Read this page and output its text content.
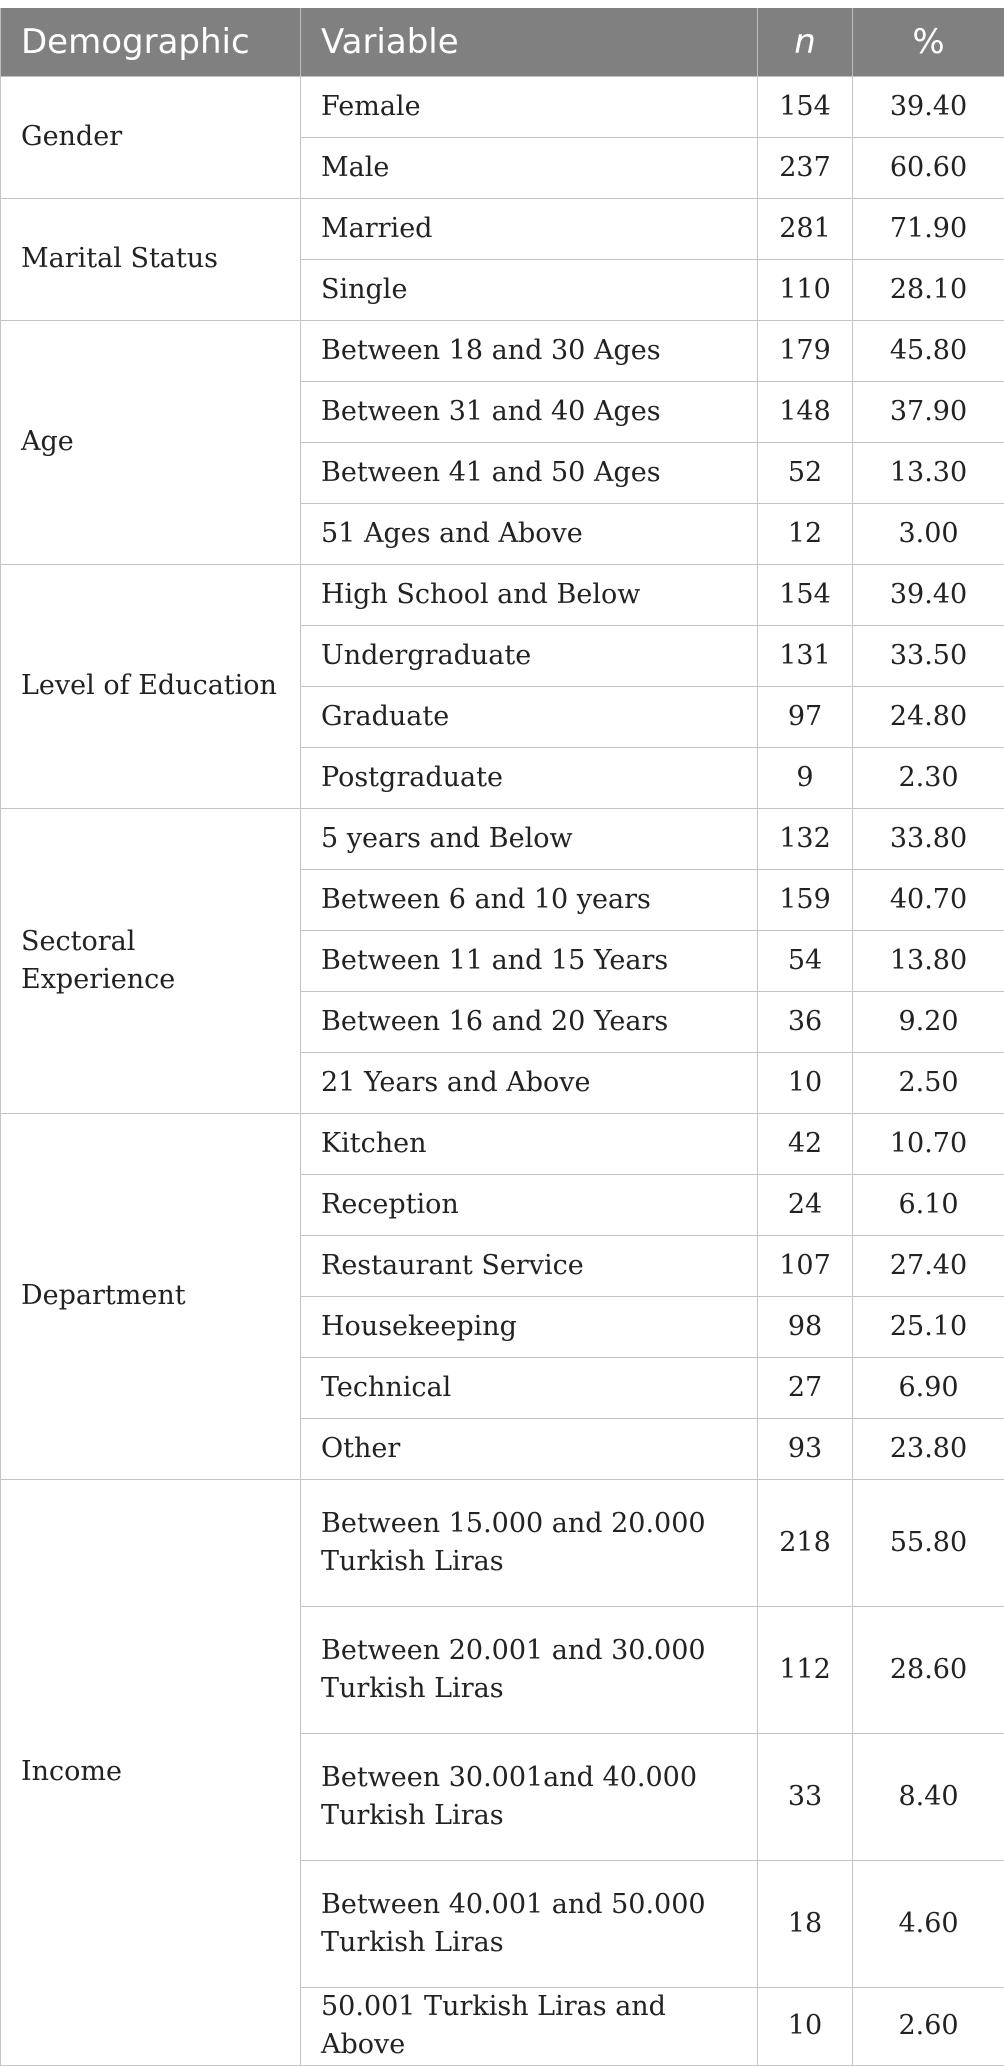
Demographic	Variable	n	%
Gender	Female	154	39.40
	Male	237	60.60
Marital Status	Married	281	71.90
	Single	110	28.10
Age	Between 18 and 30 Ages	179	45.80
	Between 31 and 40 Ages	148	37.90
	Between 41 and 50 Ages	52	13.30
	51 Ages and Above	12	3.00
Level of Education	High School and Below	154	39.40
	Undergraduate	131	33.50
	Graduate	97	24.80
	Postgraduate	9	2.30
Sectoral Experience	5 years and Below	132	33.80
	Between 6 and 10 years	159	40.70
	Between 11 and 15 Years	54	13.80
	Between 16 and 20 Years	36	9.20
	21 Years and Above	10	2.50
Department	Kitchen	42	10.70
	Reception	24	6.10
	Restaurant Service	107	27.40
	Housekeeping	98	25.10
	Technical	27	6.90
	Other	93	23.80
Income	Between 15.000 and 20.000 Turkish Liras	218	55.80
	Between 20.001 and 30.000 Turkish Liras	112	28.60
	Between 30.001and 40.000 Turkish Liras	33	8.40
	Between 40.001 and 50.000 Turkish Liras	18	4.60
	50.001 Turkish Liras and Above	10	2.60
